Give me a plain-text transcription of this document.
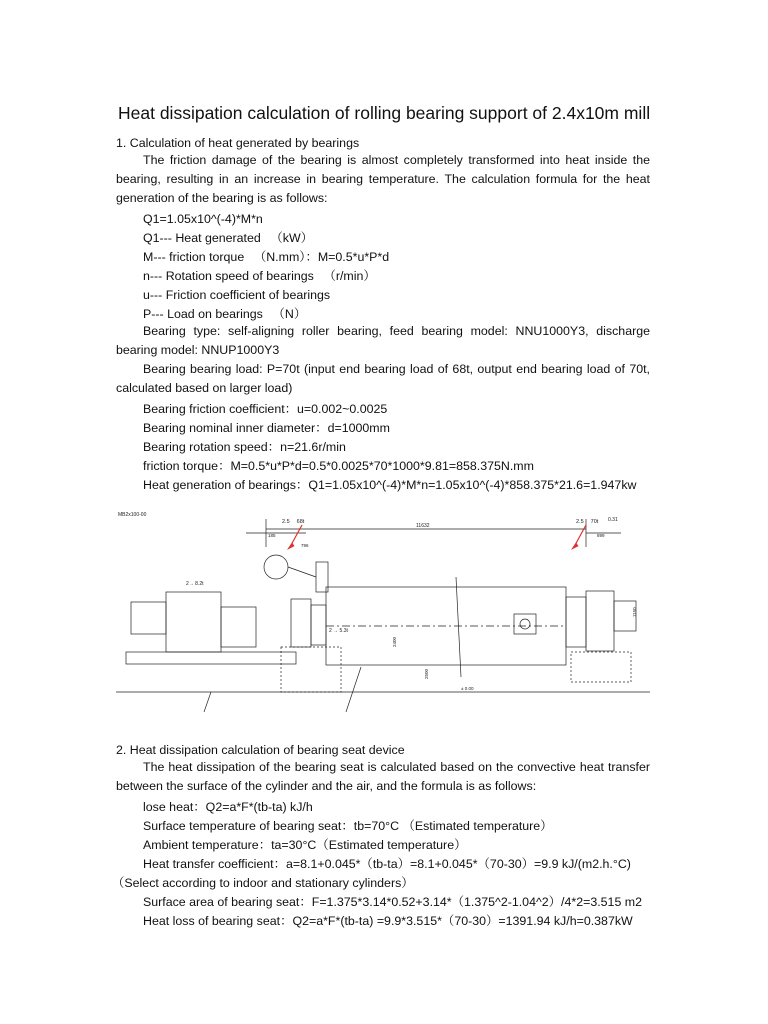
Heat dissipation calculation of rolling bearing support of 2.4x10m mill
1. Calculation of heat generated by bearings
The friction damage of the bearing is almost completely transformed into heat inside the bearing, resulting in an increase in bearing temperature. The calculation formula for the heat generation of the bearing is as follows:
Q1=1.05x10^(-4)*M*n
Q1--- Heat generated 　（kW）
M--- friction torque 　（N.mm）：M=0.5*u*P*d
n--- Rotation speed of bearings 　（r/min）
u--- Friction coefficient of bearings
P--- Load on bearings 　（N）
Bearing type: self-aligning roller bearing, feed bearing model: NNU1000Y3, discharge bearing model: NNUP1000Y3
Bearing bearing load: P=70t (input end bearing load of 68t, output end bearing load of 70t, calculated based on larger load)
Bearing friction coefficient：u=0.002~0.0025
Bearing nominal inner diameter：d=1000mm
Bearing rotation speed：n=21.6r/min
friction torque：M=0.5*u*P*d=0.5*0.0025*70*1000*9.81=858.375N.mm
Heat generation of bearings：Q1=1.05x10^(-4)*M*n=1.05x10^(-4)*858.375*21.6=1.947kw
MB2x100-00
11632
185
796
899
2.5　 68t	2.5　 70t 0.31
2→ 8.2t
2 → 5.3t
± 0.00
2400
2500
1150
2. Heat dissipation calculation of bearing seat device
The heat dissipation of the bearing seat is calculated based on the convective heat transfer between the surface of the cylinder and the air, and the formula is as follows:
lose heat：Q2=a*F*(tb-ta) kJ/h
Surface temperature of bearing seat：tb=70°C （Estimated temperature）
Ambient temperature：ta=30°C（Estimated temperature）
Heat transfer coefficient：a=8.1+0.045*（tb-ta）=8.1+0.045*（70-30）=9.9 kJ/(m2.h.°C)
（Select according to indoor and stationary cylinders）
Surface area of bearing seat：F=1.375*3.14*0.52+3.14*（1.375^2-1.04^2）/4*2=3.515 m2
Heat loss of bearing seat：Q2=a*F*(tb-ta) =9.9*3.515*（70-30）=1391.94 kJ/h=0.387kW
